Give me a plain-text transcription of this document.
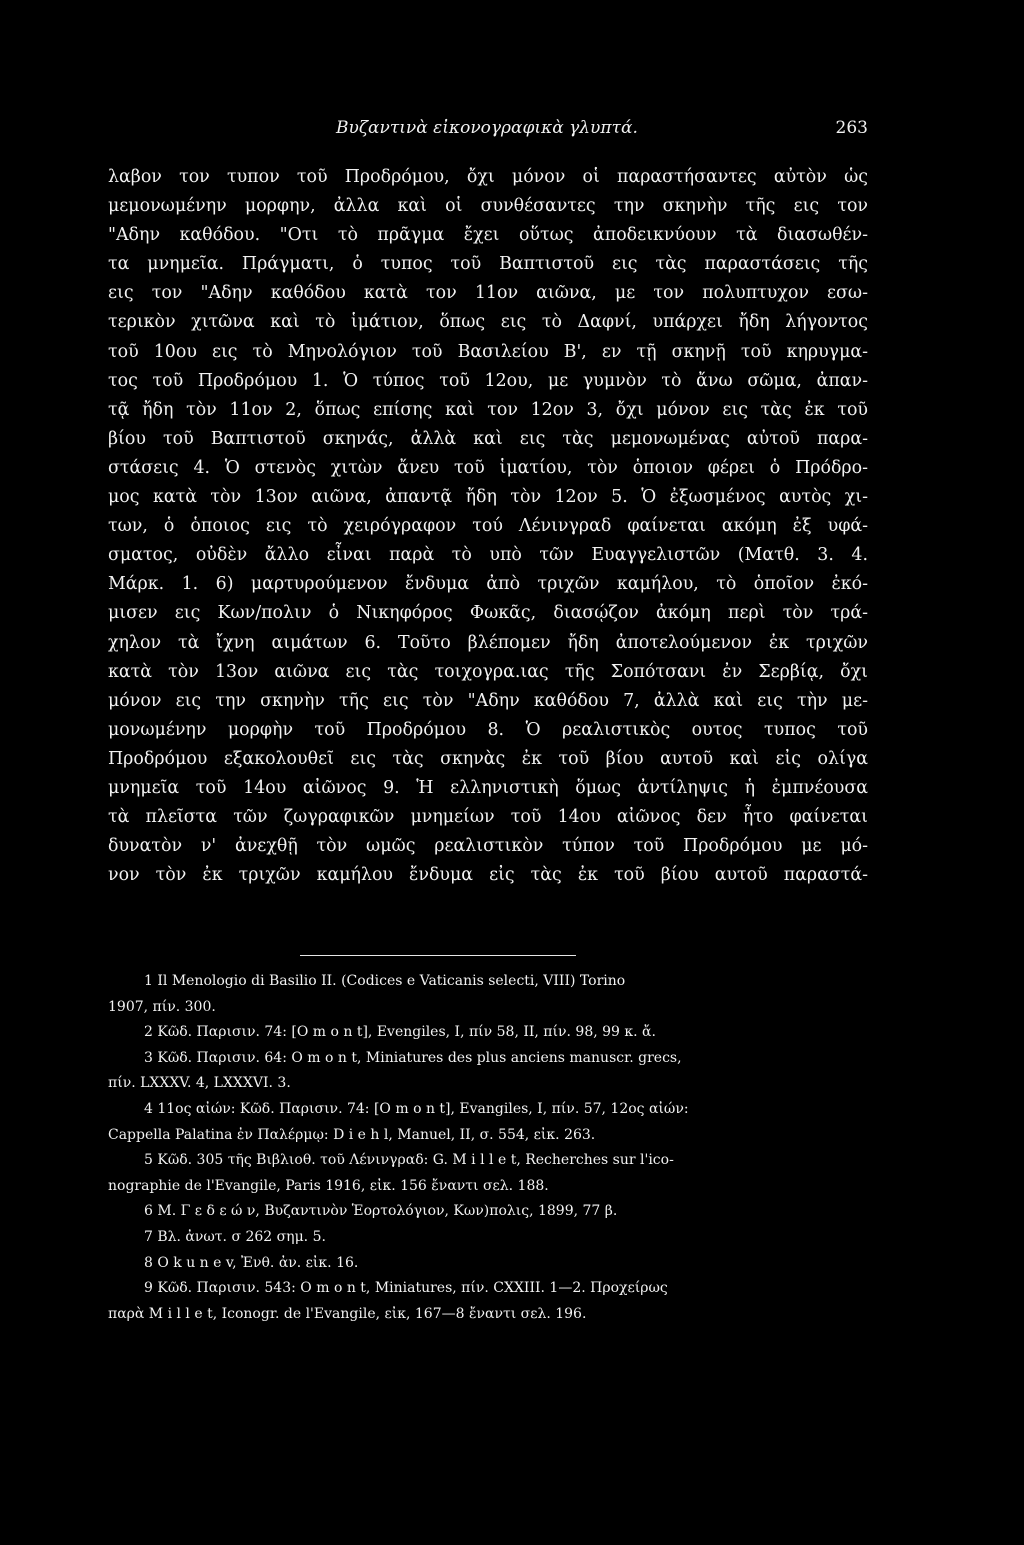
Βυζαντινὰ εἰκονογραφικὰ γλυπτά.	263
λαβον τον τυπον τοῦ Προδρόμου, ὄχι μόνον οἱ παραστήσαντες αὐτὸν ὡς
μεμονωμένην μορφην, ἀλλα καὶ οἱ συνθέσαντες την σκηνὴν τῆς εις τον
"Αδην καθόδου. "Οτι τὸ πρᾶγμα ἔχει οὕτως ἀποδεικνύουν τὰ διασωθέν-
τα μνημεῖα. Πράγματι, ὁ τυπος τοῦ Βαπτιστοῦ εις τὰς παραστάσεις τῆς
εις τον "Αδην καθόδου κατὰ τον 11ον αιῶνα, με τον πολυπτυχον εσω-
τερικὸν χιτῶνα καὶ τὸ ἱμάτιον, ὅπως εις τὸ Δαφνί, υπάρχει ἤδη λήγοντος
τοῦ 10ου εις τὸ Μηνολόγιον τοῦ Βασιλείου Β', εν τῇ σκηνῇ τοῦ κηρυγμα-
τος τοῦ Προδρόμου 1. Ὁ τύπος τοῦ 12ου, με γυμνὸν τὸ ἄνω σῶμα, ἀπαν-
τᾷ ἤδη τὸν 11ον 2, ὅπως επίσης καὶ τον 12ον 3, ὄχι μόνον εις τὰς ἐκ τοῦ
βίου τοῦ Βαπτιστοῦ σκηνάς, ἀλλὰ καὶ εις τὰς μεμονωμένας αὐτοῦ παρα-
στάσεις 4. Ὁ στενὸς χιτὼν ἄνευ τοῦ ἱματίου, τὸν ὁποιον φέρει ὁ Πρόδρο-
μος κατὰ τὸν 13ον αιῶνα, ἀπαντᾷ ἤδη τὸν 12ον 5. Ὁ ἐξωσμένος αυτὸς χι-
των, ὁ ὁποιος εις τὸ χειρόγραφον τού Λένινγραδ φαίνεται ακόμη ἐξ υφά-
σματος, οὐδὲν ἄλλο εἶναι παρὰ τὸ υπὸ τῶν Ευαγγελιστῶν (Ματθ. 3. 4.
Μάρκ. 1. 6) μαρτυρούμενον ἔνδυμα ἀπὸ τριχῶν καμήλου, τὸ ὁποῖον ἐκό-
μισεν εις Κων/πολιν ὁ Νικηφόρος Φωκᾶς, διασῴζον ἀκόμη περὶ τὸν τρά-
χηλον τὰ ἴχνη αιμάτων 6. Τοῦτο βλέπομεν ἤδη ἀποτελούμενον ἐκ τριχῶν
κατὰ τὸν 13ον αιῶνα εις τὰς τοιχογρα.ιας τῆς Σοπότσανι ἐν Σερβίᾳ, ὄχι
μόνον εις την σκηνὴν τῆς εις τὸν "Αδην καθόδου 7, ἀλλὰ καὶ εις τὴν με-
μονωμένην μορφὴν τοῦ Προδρόμου 8. Ὁ ρεαλιστικὸς ουτος τυπος τοῦ
Προδρόμου εξακολουθεῖ εις τὰς σκηνὰς ἐκ τοῦ βίου αυτοῦ καὶ εἰς ολίγα
μνημεῖα τοῦ 14ου αἰῶνος 9. Ἡ ελληνιστικὴ ὅμως ἀντίληψις ἡ ἐμπνέουσα
τὰ πλεῖστα τῶν ζωγραφικῶν μνημείων τοῦ 14ου αἰῶνος δεν ἦτο φαίνεται
δυνατὸν ν' ἀνεχθῇ τὸν ωμῶς ρεαλιστικὸν τύπον τοῦ Προδρόμου με μό-
νον τὸν ἐκ τριχῶν καμήλου ἔνδυμα εἰς τὰς ἐκ τοῦ βίου αυτοῦ παραστά-
1 Il Menologio di Basilio II. (Codices e Vaticanis selecti, VIII) Torino
1907, πίν. 300.
2 Κῶδ. Παρισιν. 74: [O m o n t], Evengiles, I, πίν 58, II, πίν. 98, 99 κ. ἄ.
3 Κῶδ. Παρισιν. 64: O m o n t, Miniatures des plus anciens manuscr. grecs,
πίν. LXXXV. 4, LXXXVI. 3.
4 11ος αἰών: Κῶδ. Παρισιν. 74: [O m o n t], Evangiles, I, πίν. 57, 12ος αἰών:
Cappella Palatina ἐν Παλέρμῳ: D i e h l, Manuel, II, σ. 554, εἰκ. 263.
5 Κῶδ. 305 τῆς Βιβλιοθ. τοῦ Λένινγραδ: G. M i l l e t, Recherches sur l'ico-
nographie de l'Evangile, Paris 1916, εἰκ. 156 ἔναντι σελ. 188.
6 Μ. Γ ε δ ε ώ ν, Βυζαντινὸν Ἑορτολόγιον, Κων)πολις, 1899, 77 β.
7 Βλ. ἀνωτ. σ 262 σημ. 5.
8 O k u n e v, Ἐνθ. ἀν. εἰκ. 16.
9 Κῶδ. Παρισιν. 543: O m o n t, Miniatures, πίν. CXXIII. 1—2. Προχείρως
παρὰ M i l l e t, Iconogr. de l'Evangile, εἰκ, 167—8 ἔναντι σελ. 196.
